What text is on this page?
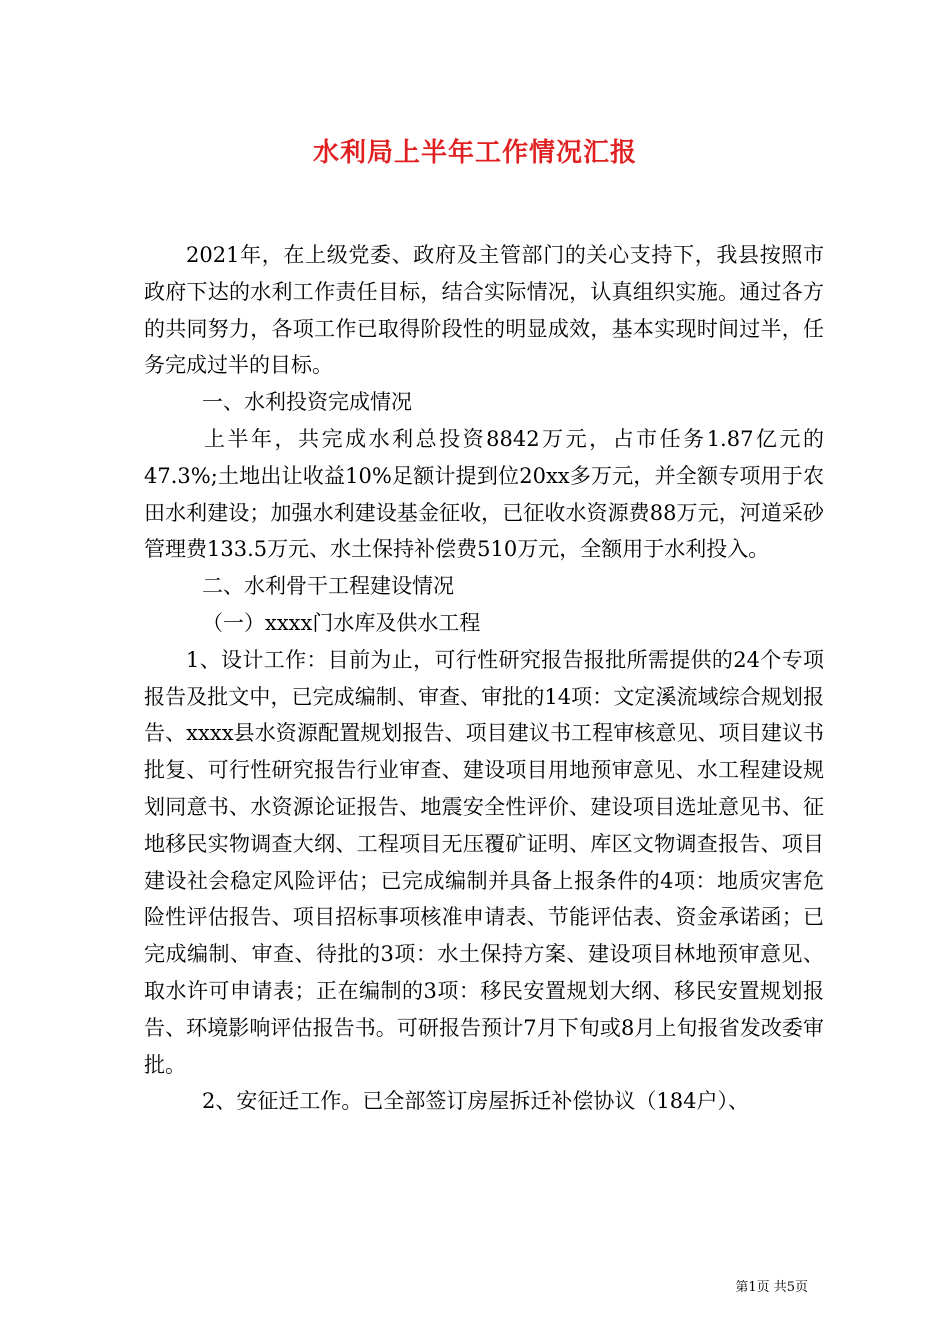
水利局上半年工作情况汇报

2021年，在上级党委、政府及主管部门的关心支持下，我县按照市政府下达的水利工作责任目标，结合实际情况，认真组织实施。通过各方的共同努力，各项工作已取得阶段性的明显成效，基本实现时间过半，任务完成过半的目标。

一、水利投资完成情况

上半年，共完成水利总投资8842万元，占市任务1.87亿元的47.3%;土地出让收益10%足额计提到位20xx多万元，并全额专项用于农田水利建设；加强水利建设基金征收，已征收水资源费88万元，河道采砂管理费133.5万元、水土保持补偿费510万元，全额用于水利投入。

二、水利骨干工程建设情况

（一）xxxx门水库及供水工程

1、设计工作：目前为止，可行性研究报告报批所需提供的24个专项报告及批文中，已完成编制、审查、审批的14项：文定溪流域综合规划报告、xxxx县水资源配置规划报告、项目建议书工程审核意见、项目建议书批复、可行性研究报告行业审查、建设项目用地预审意见、水工程建设规划同意书、水资源论证报告、地震安全性评价、建设项目选址意见书、征地移民实物调查大纲、工程项目无压覆矿证明、库区文物调查报告、项目建设社会稳定风险评估；已完成编制并具备上报条件的4项：地质灾害危险性评估报告、项目招标事项核准申请表、节能评估表、资金承诺函；已完成编制、审查、待批的3项：水土保持方案、建设项目林地预审意见、取水许可申请表；正在编制的3项：移民安置规划大纲、移民安置规划报告、环境影响评估报告书。可研报告预计7月下旬或8月上旬报省发改委审批。

2、安征迁工作。已全部签订房屋拆迁补偿协议（184户）、

第1页 共5页
